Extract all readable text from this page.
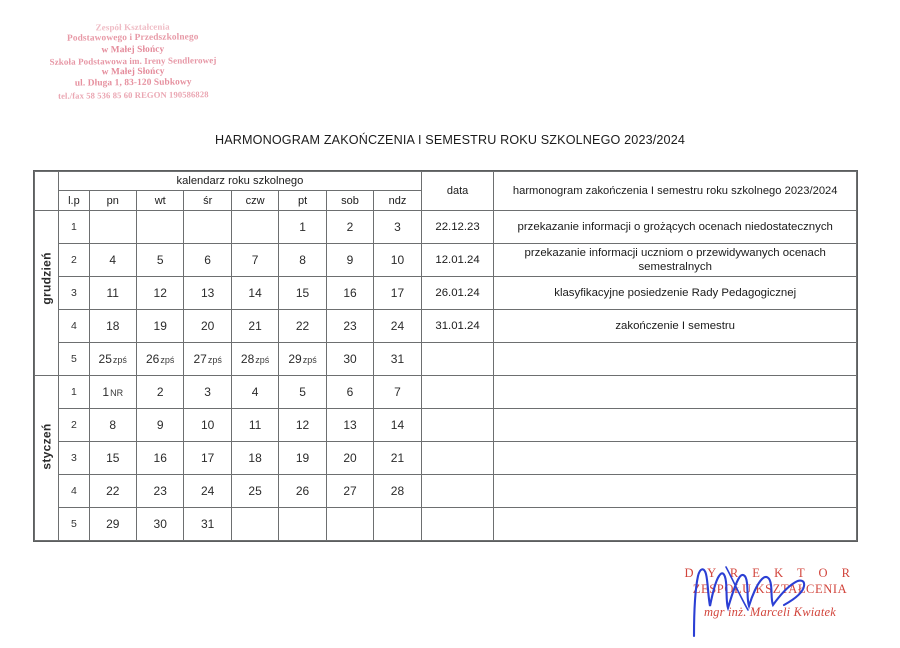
Zespół Kształcenia
Podstawowego i Przedszkolnego
w Małej Słońcy
Szkoła Podstawowa im. Ireny Sendlerowej
w Małej Słońcy
ul. Długa 1, 83-120 Subkowy
tel./fax 58 536 85 60 REGON 190586828
HARMONOGRAM ZAKOŃCZENIA I SEMESTRU ROKU SZKOLNEGO 2023/2024
	kalendarz roku szkolnego								data	harmonogram zakończenia I semestru roku szkolnego 2023/2024
	l.p	pn	wt	śr	czw	pt	sob	ndz		

grudzień	1					1	2	3	22.12.23	przekazanie informacji o grożących ocenach niedostatecznych
	2	4	5	6	7	8	9	10	12.01.24	przekazanie informacji uczniom o przewidywanych ocenach semestralnych
	3	11	12	13	14	15	16	17	26.01.24	klasyfikacyjne posiedzenie Rady Pedagogicznej
	4	18	19	20	21	22	23	24	31.01.24	zakończenie I semestru
	5	25zpś	26zpś	27zpś	28zpś	29zpś	30	31		

styczeń	1	1NR	2	3	4	5	6	7		
	2	8	9	10	11	12	13	14		
	3	15	16	17	18	19	20	21		
	4	22	23	24	25	26	27	28		
	5	29	30	31						
D Y R E K T O R
ZESPOŁU KSZTAŁCENIA
mgr inż. Marceli Kwiatek
